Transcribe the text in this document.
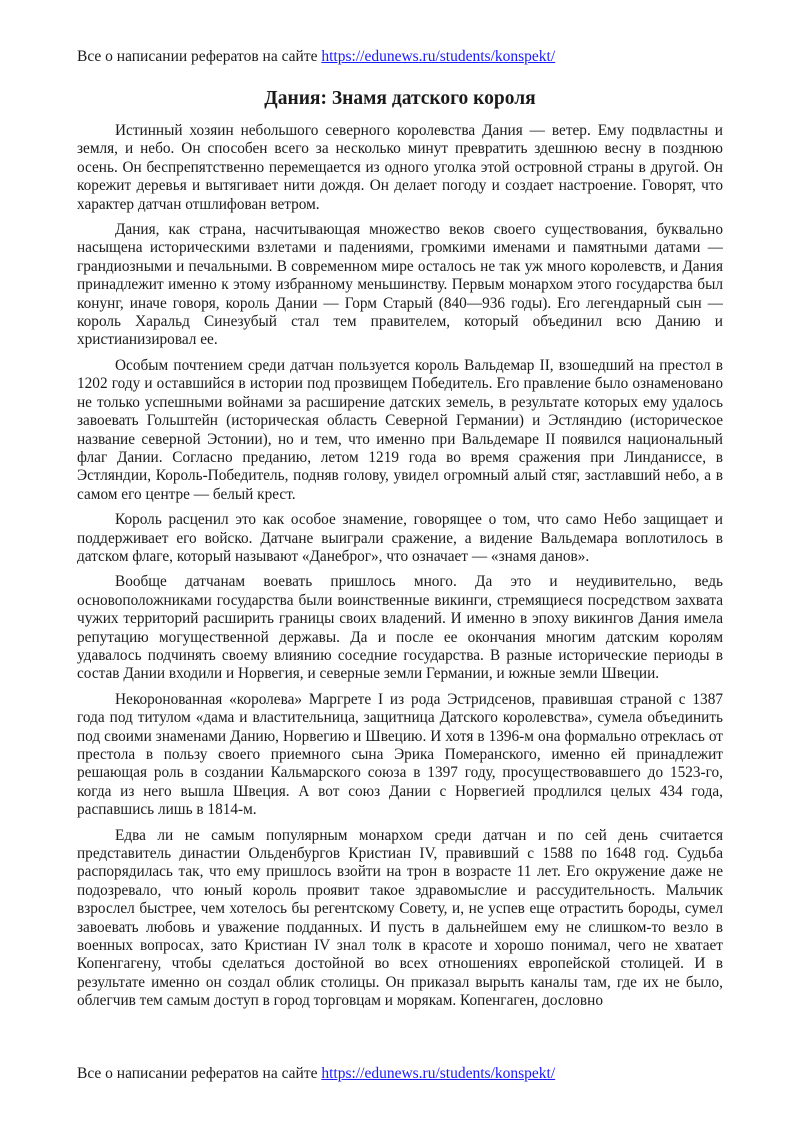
Все о написании рефератов на сайте https://edunews.ru/students/konspekt/
Дания: Знамя датского короля

Истинный хозяин небольшого северного королевства Дания — ветер. Ему подвластны и земля, и небо. Он способен всего за несколько минут превратить здешнюю весну в позднюю осень. Он беспрепятственно перемещается из одного уголка этой островной страны в другой. Он корежит деревья и вытягивает нити дождя. Он делает погоду и создает настроение. Говорят, что характер датчан отшлифован ветром.

Дания, как страна, насчитывающая множество веков своего существования, буквально насыщена историческими взлетами и падениями, громкими именами и памятными датами — грандиозными и печальными. В современном мире осталось не так уж много королевств, и Дания принадлежит именно к этому избранному меньшинству. Первым монархом этого государства был конунг, иначе говоря, король Дании — Горм Старый (840—936 годы). Его легендарный сын — король Харальд Синезубый стал тем правителем, который объединил всю Данию и христианизировал ее.

Особым почтением среди датчан пользуется король Вальдемар II, взошедший на престол в 1202 году и оставшийся в истории под прозвищем Победитель. Его правление было ознаменовано не только успешными войнами за расширение датских земель, в результате которых ему удалось завоевать Гольштейн (историческая область Северной Германии) и Эстляндию (историческое название северной Эстонии), но и тем, что именно при Вальдемаре II появился национальный флаг Дании. Согласно преданию, летом 1219 года во время сражения при Линданиссе, в Эстляндии, Король-Победитель, подняв голову, увидел огромный алый стяг, застлавший небо, а в самом его центре — белый крест.

Король расценил это как особое знамение, говорящее о том, что само Небо защищает и поддерживает его войско. Датчане выиграли сражение, а видение Вальдемара воплотилось в датском флаге, который называют «Данеброг», что означает — «знамя данов».

Вообще датчанам воевать пришлось много. Да это и неудивительно, ведь основоположниками государства были воинственные викинги, стремящиеся посредством захвата чужих территорий расширить границы своих владений. И именно в эпоху викингов Дания имела репутацию могущественной державы. Да и после ее окончания многим датским королям удавалось подчинять своему влиянию соседние государства. В разные исторические периоды в состав Дании входили и Норвегия, и северные земли Германии, и южные земли Швеции.

Некоронованная «королева» Маргрете I из рода Эстридсенов, правившая страной с 1387 года под титулом «дама и властительница, защитница Датского королевства», сумела объединить под своими знаменами Данию, Норвегию и Швецию. И хотя в 1396-м она формально отреклась от престола в пользу своего приемного сына Эрика Померанского, именно ей принадлежит решающая роль в создании Кальмарского союза в 1397 году, просуществовавшего до 1523-го, когда из него вышла Швеция. А вот союз Дании с Норвегией продлился целых 434 года, распавшись лишь в 1814-м.

Едва ли не самым популярным монархом среди датчан и по сей день считается представитель династии Ольденбургов Кристиан IV, правивший с 1588 по 1648 год. Судьба распорядилась так, что ему пришлось взойти на трон в возрасте 11 лет. Его окружение даже не подозревало, что юный король проявит такое здравомыслие и рассудительность. Мальчик взрослел быстрее, чем хотелось бы регентскому Совету, и, не успев еще отрастить бороды, сумел завоевать любовь и уважение подданных. И пусть в дальнейшем ему не слишком-то везло в военных вопросах, зато Кристиан IV знал толк в красоте и хорошо понимал, чего не хватает Копенгагену, чтобы сделаться достойной во всех отношениях европейской столицей. И в результате именно он создал облик столицы. Он приказал вырыть каналы там, где их не было, облегчив тем самым доступ в город торговцам и морякам. Копенгаген, дословно

Все о написании рефератов на сайте https://edunews.ru/students/konspekt/
